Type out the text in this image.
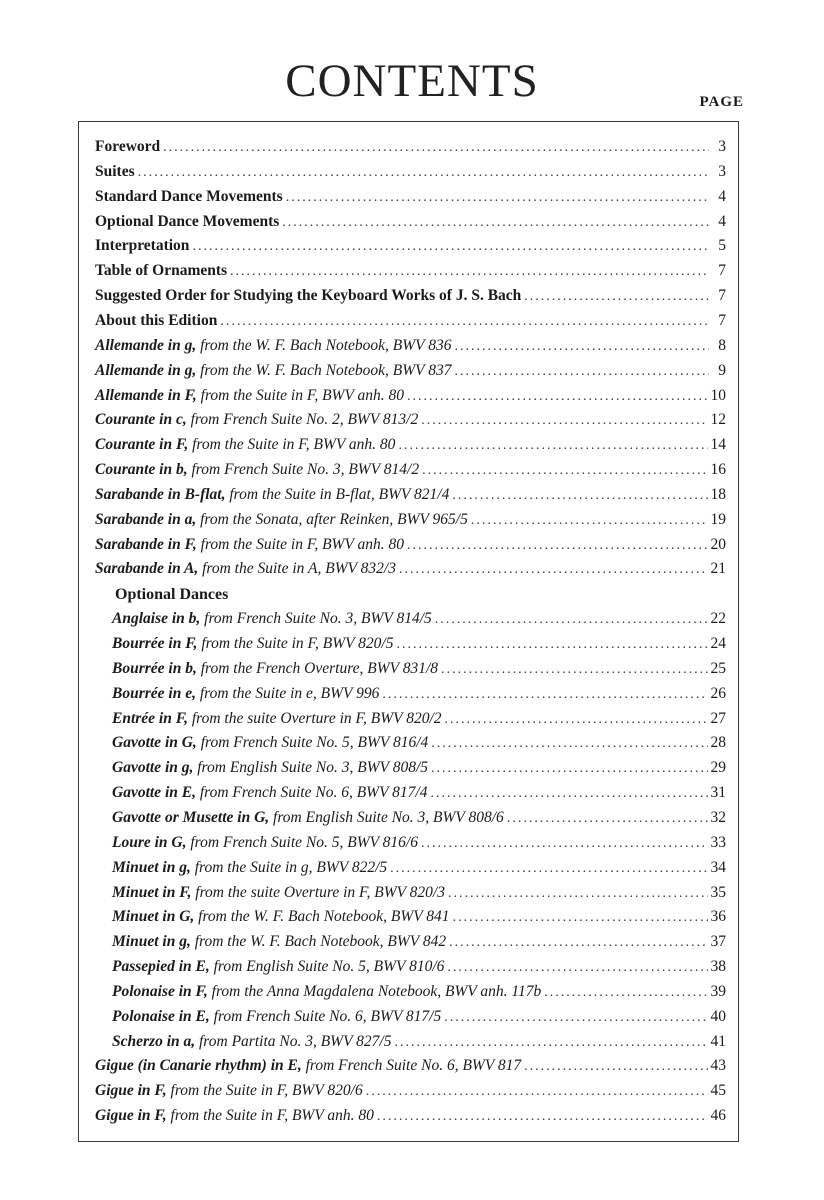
CONTENTS	PAGE
Foreword .....	3
Suites .....	3
Standard Dance Movements .....	4
Optional Dance Movements .....	4
Interpretation .....	5
Table of Ornaments .....	7
Suggested Order for Studying the Keyboard Works of J. S. Bach .....	7
About this Edition .....	7
Allemande in g, from the W. F. Bach Notebook, BWV 836 .....	8
Allemande in g, from the W. F. Bach Notebook, BWV 837 .....	9
Allemande in F, from the Suite in F, BWV anh. 80 .....	10
Courante in c, from French Suite No. 2, BWV 813/2 .....	12
Courante in F, from the Suite in F, BWV anh. 80 .....	14
Courante in b, from French Suite No. 3, BWV 814/2 .....	16
Sarabande in B-flat, from the Suite in B-flat, BWV 821/4 .....	18
Sarabande in a, from the Sonata, after Reinken, BWV 965/5 .....	19
Sarabande in F, from the Suite in F, BWV anh. 80 .....	20
Sarabande in A, from the Suite in A, BWV 832/3 .....	21
Optional Dances
Anglaise in b, from French Suite No. 3, BWV 814/5 .....	22
Bourrée in F, from the Suite in F, BWV 820/5 .....	24
Bourrée in b, from the French Overture, BWV 831/8 .....	25
Bourrée in e, from the Suite in e, BWV 996 .....	26
Entrée in F, from the suite Overture in F, BWV 820/2 .....	27
Gavotte in G, from French Suite No. 5, BWV 816/4 .....	28
Gavotte in g, from English Suite No. 3, BWV 808/5 .....	29
Gavotte in E, from French Suite No. 6, BWV 817/4 .....	31
Gavotte or Musette in G, from English Suite No. 3, BWV 808/6 .....	32
Loure in G, from French Suite No. 5, BWV 816/6 .....	33
Minuet in g, from the Suite in g, BWV 822/5 .....	34
Minuet in F, from the suite Overture in F, BWV 820/3 .....	35
Minuet in G, from the W. F. Bach Notebook, BWV 841 .....	36
Minuet in g, from the W. F. Bach Notebook, BWV 842 .....	37
Passepied in E, from English Suite No. 5, BWV 810/6 .....	38
Polonaise in F, from the Anna Magdalena Notebook, BWV anh. 117b .....	39
Polonaise in E, from French Suite No. 6, BWV 817/5 .....	40
Scherzo in a, from Partita No. 3, BWV 827/5 .....	41
Gigue (in Canarie rhythm) in E, from French Suite No. 6, BWV 817 .....	43
Gigue in F, from the Suite in F, BWV 820/6 .....	45
Gigue in F, from the Suite in F, BWV anh. 80 .....	46
